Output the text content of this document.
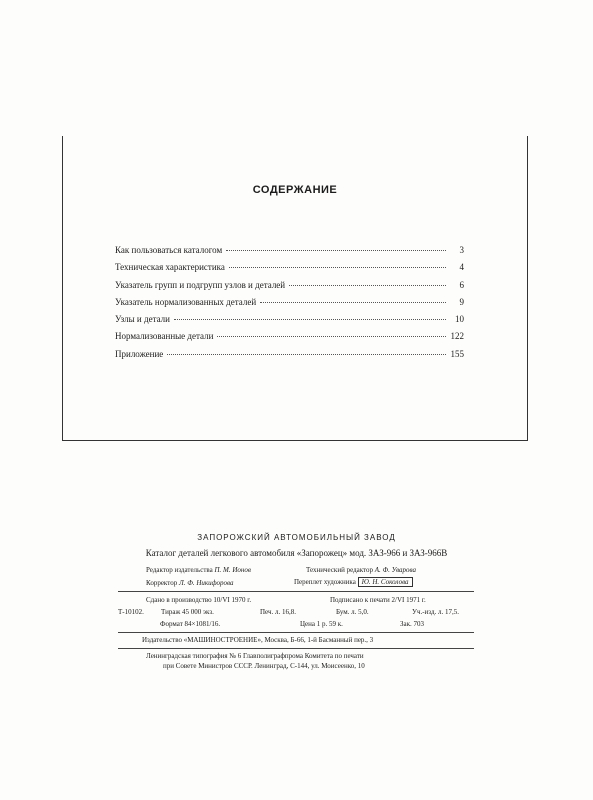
СОДЕРЖАНИЕ
Как пользоваться каталогом	3
Техническая характеристика	4
Указатель групп и подгрупп узлов и деталей	6
Указатель нормализованных деталей	9
Узлы и детали	10
Нормализованные детали	122
Приложение	155
ЗАПОРОЖСКИЙ АВТОМОБИЛЬНЫЙ ЗАВОД
Каталог деталей легкового автомобиля «Запорожец» мод. ЗАЗ-966 и ЗАЗ-966В
Редактор издательства П. М. Ионов	Технический редактор А. Ф. Уварова
Корректор Л. Ф. Никифорова	Переплет художника Ю. Н. Соколова
Сдано в производство 10/VI 1970 г.	Подписано к печати 2/VI 1971 г.
Т-10102. Тираж 45 000 экз.	Печ. л. 16,8.	Бум. л. 5,0.	Уч.-изд. л. 17,5.
Формат 84×1081/16.	Цена 1 р. 59 к.	Зак. 703
Издательство «МАШИНОСТРОЕНИЕ», Москва, Б-66, 1-й Басманный пер., 3
Ленинградская типография № 6 Главполиграфпрома Комитета по печати
при Совете Министров СССР. Ленинград, С-144, ул. Моисеенко, 10
